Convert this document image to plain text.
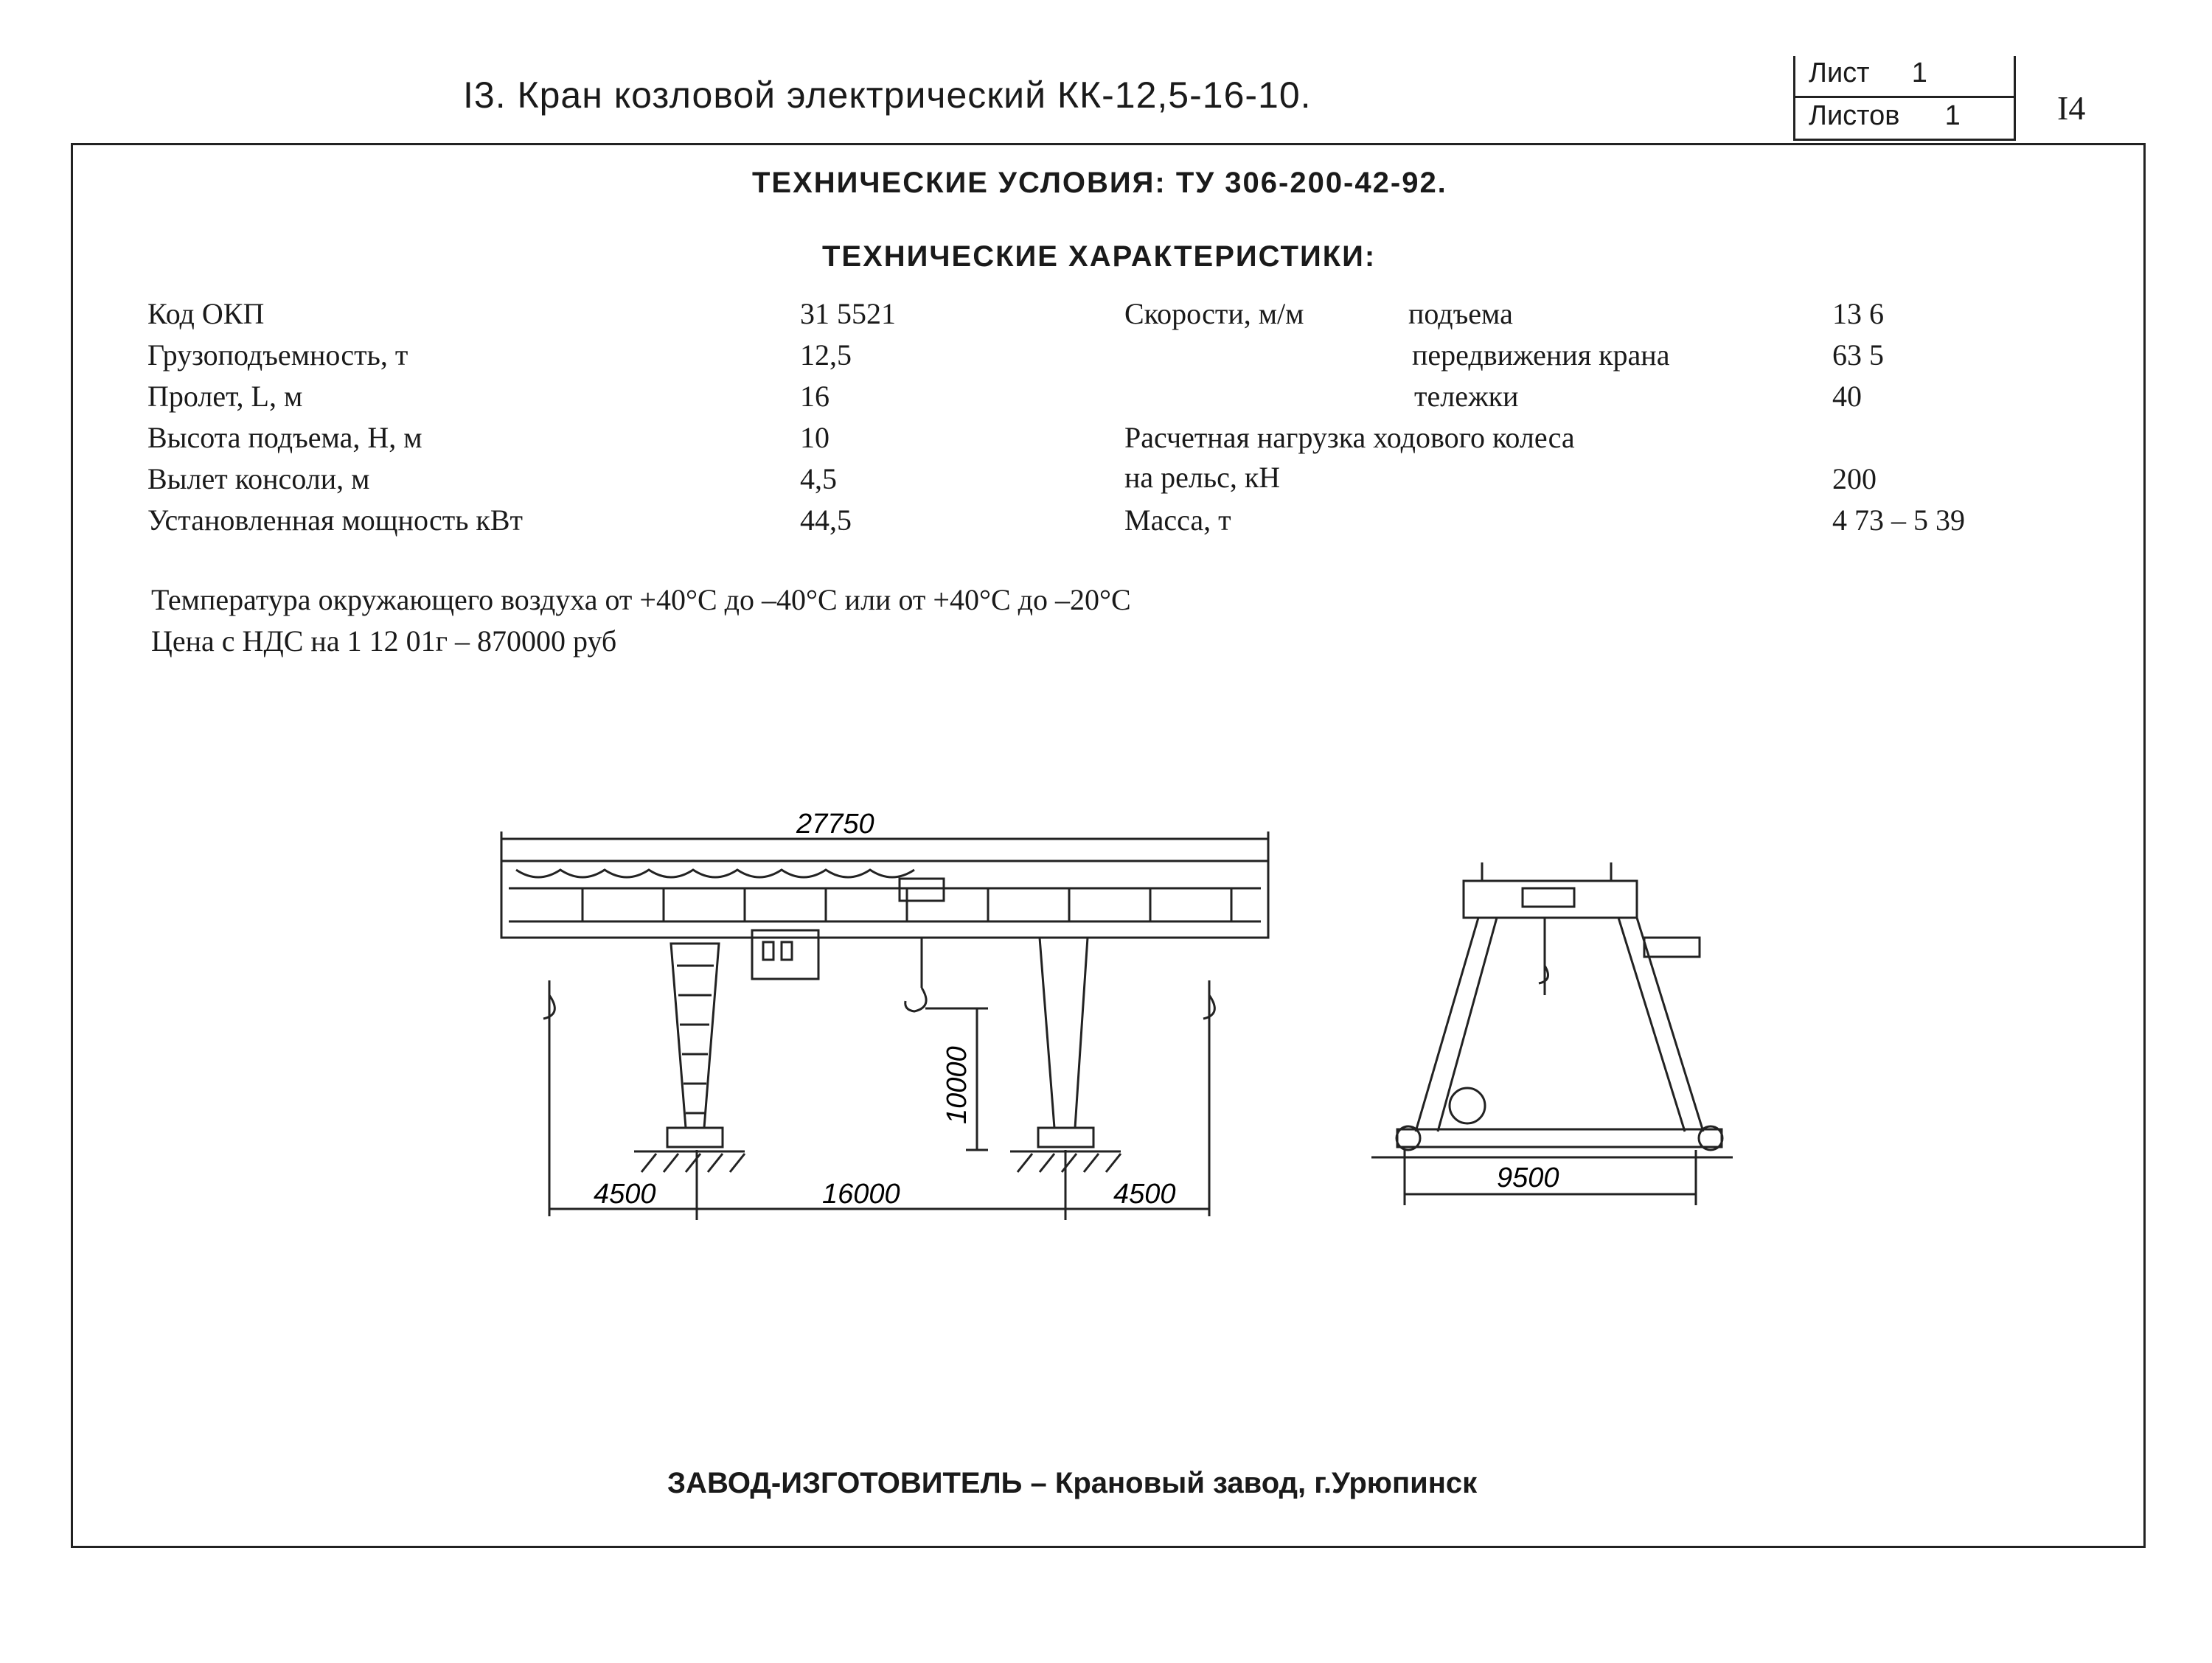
I3. Кран козловой электрический КК-12,5-16-10.
Лист 1
Листов 1	I4
ТЕХНИЧЕСКИЕ УСЛОВИЯ: ТУ 306-200-42-92.
ТЕХНИЧЕСКИЕ ХАРАКТЕРИСТИКИ:
Код ОКП	31 5521
Грузоподъемность, т	12,5
Пролет, L, м	16
Высота подъема, Н, м	10
Вылет консоли, м	4,5
Установленная мощность кВт	44,5
Скорости, м/м	подъема	13 6
передвижения крана	63 5
тележки	40
Расчетная нагрузка ходового колеса
на рельс, кН	200
Масса, т	4 73 – 5 39
Температура окружающего воздуха от +40°С до –40°С или от +40°С до –20°С
Цена с НДС на 1 12 01г – 870000 руб
27750
10000
4500	16000	4500
9500
ЗАВОД-ИЗГОТОВИТЕЛЬ – Крановый завод, г.Урюпинск
